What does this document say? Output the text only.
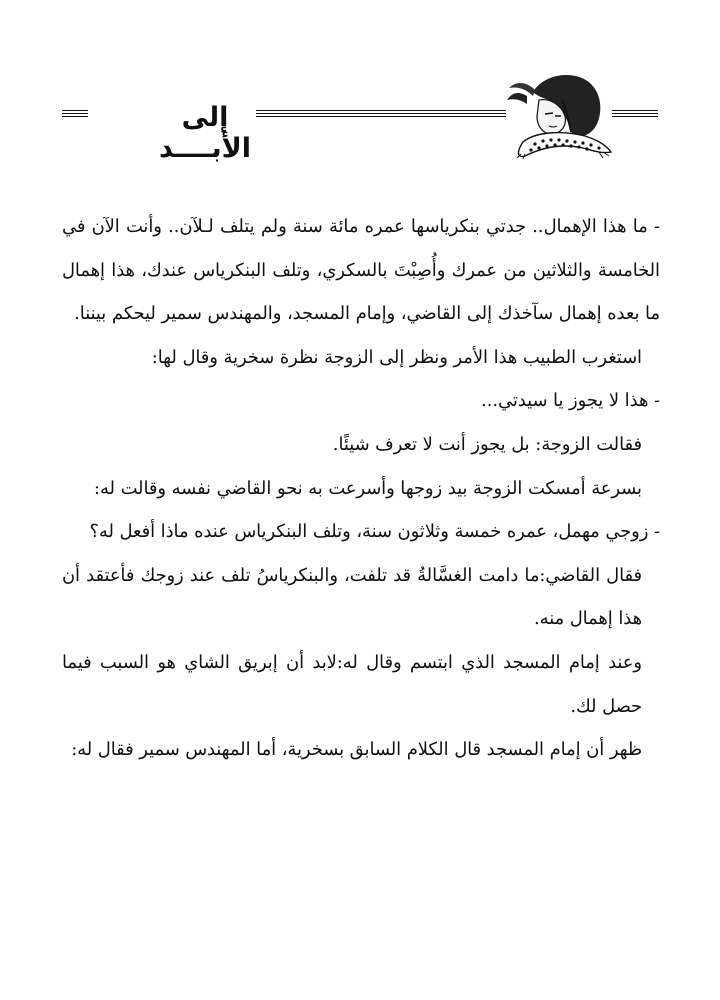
إلى الأبــــد

- ما هذا الإهمال.. جدتي بنكرياسها عمره مائة سنة ولم يتلف لـلآن.. وأنت الآن في الخامسة والثلاثين من عمرك وأُصِبْتَ بالسكري، وتلف البنكرياس عندك، هذا إهمال ما بعده إهمال سآخذك إلى القاضي، وإمام المسجد، والمهندس سمير ليحكم بيننا.

استغرب الطبيب هذا الأمر ونظر إلى الزوجة نظرة سخرية وقال لها:

- هذا لا يجوز يا سيدتي...

فقالت الزوجة: بل يجوز أنت لا تعرف شيئًا.

بسرعة أمسكت الزوجة بيد زوجها وأسرعت به نحو القاضي نفسه وقالت له:

- زوجي مهمل، عمره خمسة وثلاثون سنة، وتلف البنكرياس عنده ماذا أفعل له؟

فقال القاضي:ما دامت الغسَّالةُ قد تلفت، والبنكرياسُ تلف عند زوجك فأعتقد أن هذا إهمال منه.

وعند إمام المسجد الذي ابتسم وقال له:لابد أن إبريق الشاي هو السبب فيما حصل لك.

ظهر أن إمام المسجد قال الكلام السابق بسخرية، أما المهندس سمير فقال له:
